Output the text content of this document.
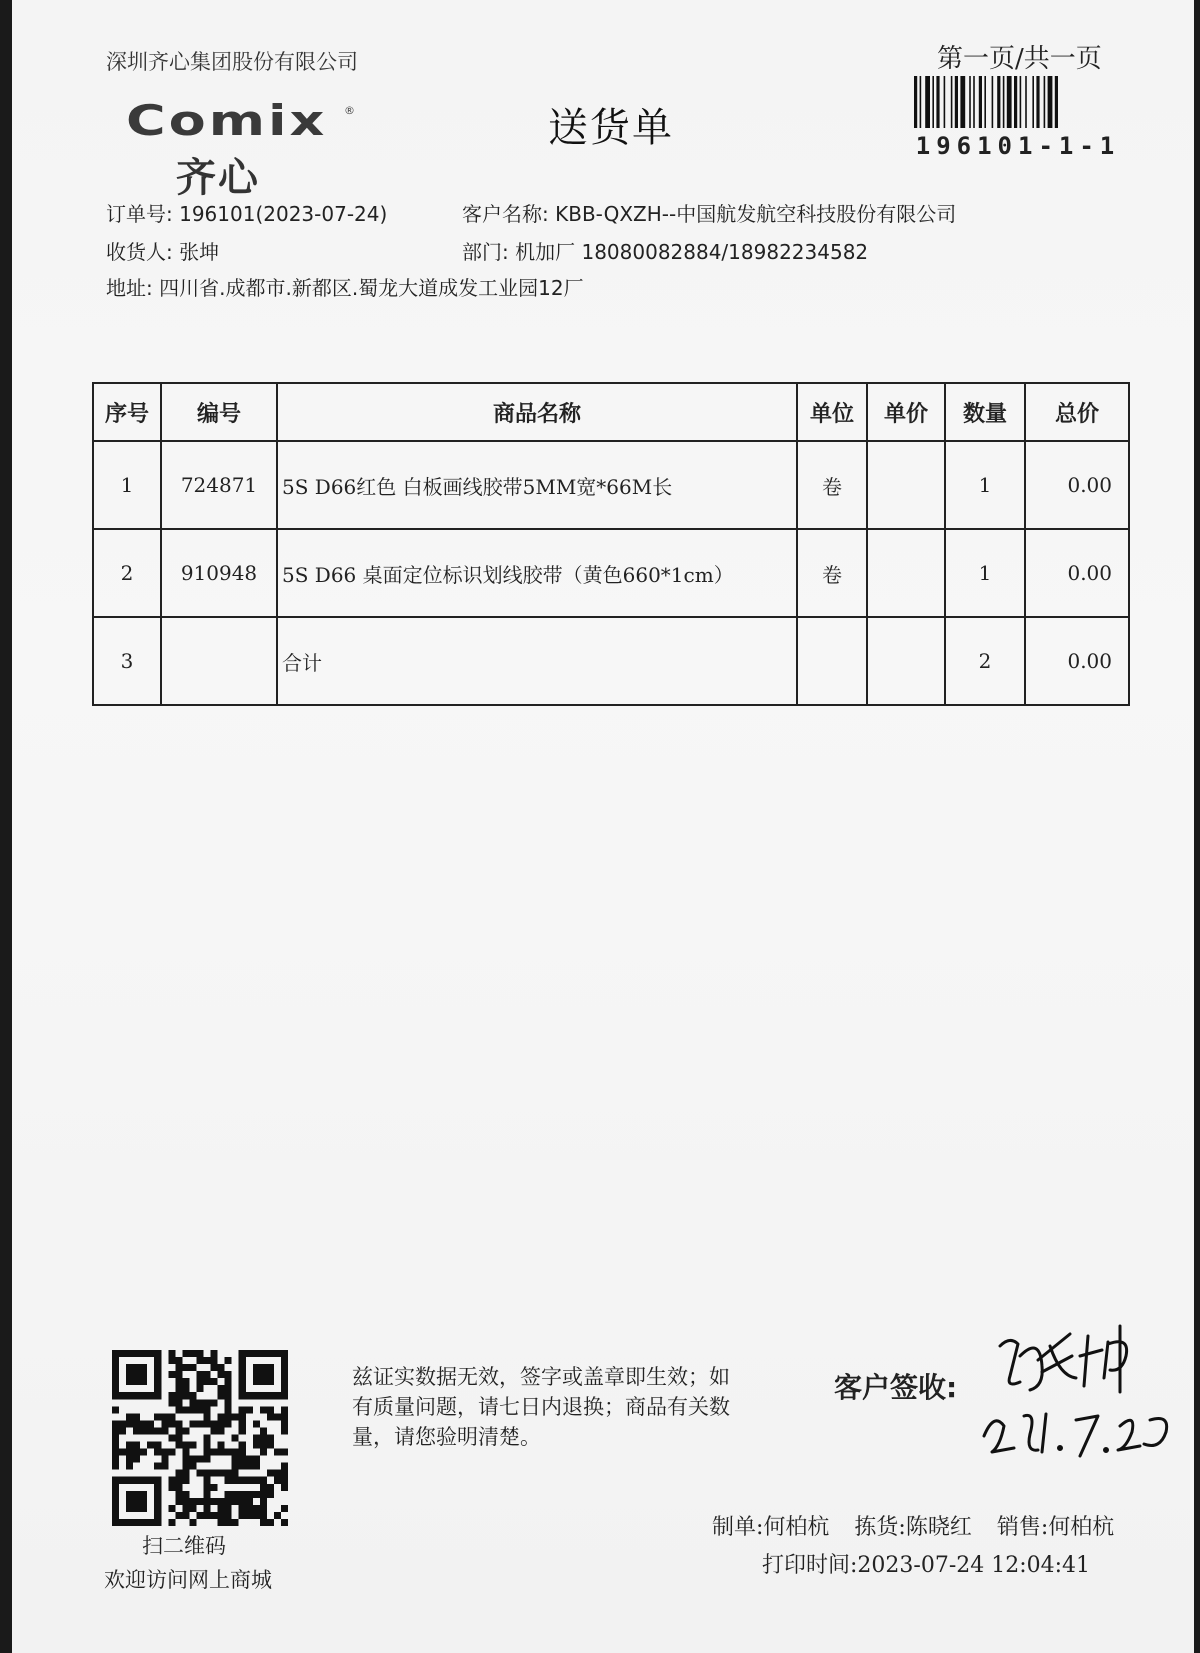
深圳齐心集团股份有限公司	第一页/共一页
196101-1-1
Comix ®
齐心
送货单
订单号: 196101(2023-07-24)	客户名称: KBB-QXZH--中国航发航空科技股份有限公司
收货人: 张坤	部门: 机加厂 18080082884/18982234582
地址: 四川省.成都市.新都区.蜀龙大道成发工业园12厂
序号	编号	商品名称	单位	单价	数量	总价
1	724871	5S D66红色 白板画线胶带5MM宽*66M长	卷		1	0.00
2	910948	5S D66 桌面定位标识划线胶带（黄色660*1cm）	卷		1	0.00
3		合计			2	0.00
扫二维码
欢迎访问网上商城
兹证实数据无效，签字或盖章即生效；如有质量问题，请七日内退换；商品有关数量，请您验明清楚。
客户签收:
制单:何柏杭 拣货:陈晓红 销售:何柏杭
打印时间:2023-07-24 12:04:41
